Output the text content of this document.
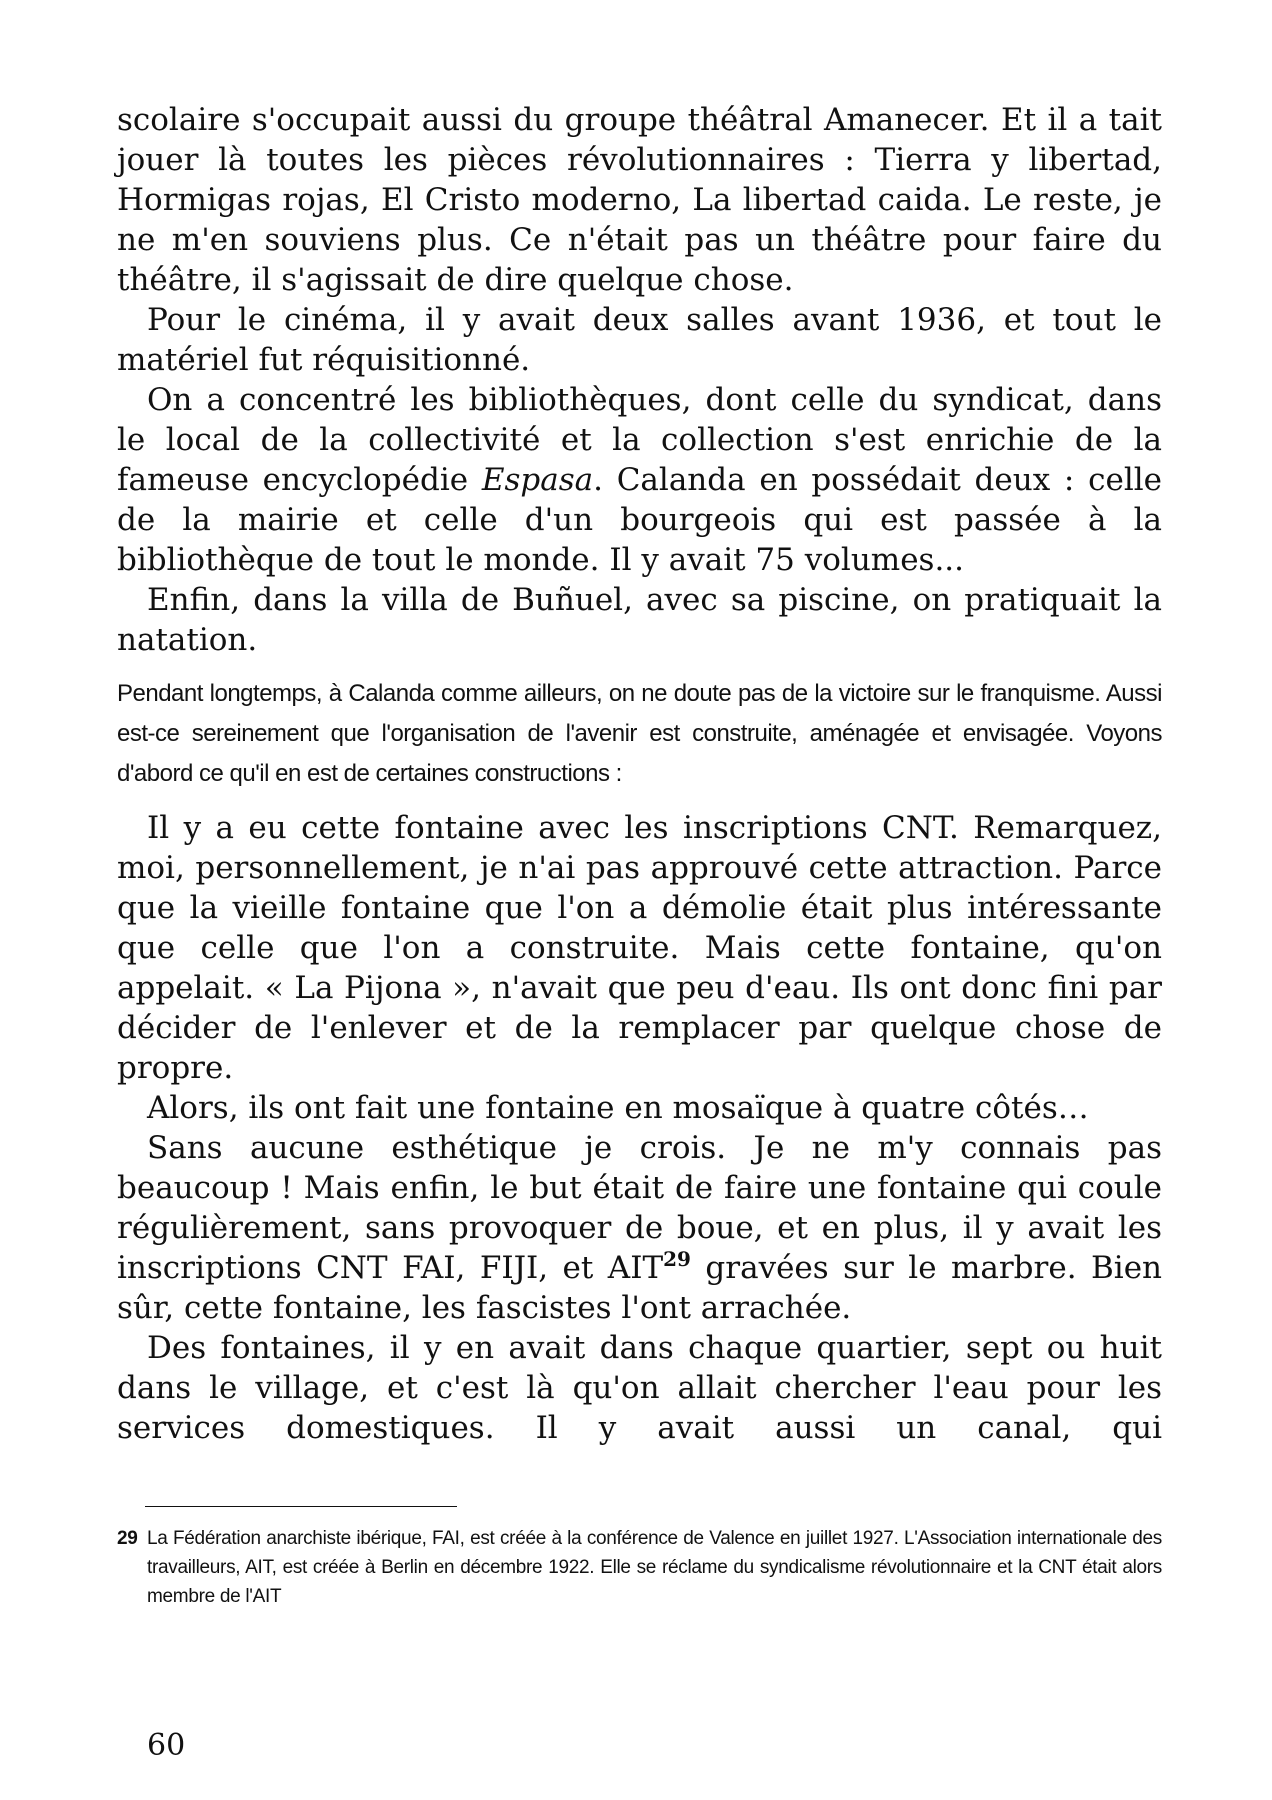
scolaire s'occupait aussi du groupe théâtral Amanecer. Et il a tait jouer là toutes les pièces révolutionnaires : Tierra y libertad, Hormigas rojas, El Cristo moderno, La libertad caida. Le reste, je ne m'en souviens plus. Ce n'était pas un théâtre pour faire du théâtre, il s'agissait de dire quelque chose.

Pour le cinéma, il y avait deux salles avant 1936, et tout le matériel fut réquisitionné.

On a concentré les bibliothèques, dont celle du syndicat, dans le local de la collectivité et la collection s'est enrichie de la fameuse encyclopédie Espasa. Calanda en possédait deux : celle de la mairie et celle d'un bourgeois qui est passée à la bibliothèque de tout le monde. Il y avait 75 volumes...

Enfin, dans la villa de Buñuel, avec sa piscine, on pratiquait la natation.

Pendant longtemps, à Calanda comme ailleurs, on ne doute pas de la victoire sur le franquisme. Aussi est-ce sereinement que l'organisation de l'avenir est construite, aménagée et envisagée. Voyons d'abord ce qu'il en est de certaines constructions :

Il y a eu cette fontaine avec les inscriptions CNT. Remarquez, moi, personnellement, je n'ai pas approuvé cette attraction. Parce que la vieille fontaine que l'on a démolie était plus intéressante que celle que l'on a construite. Mais cette fontaine, qu'on appelait. « La Pijona », n'avait que peu d'eau. Ils ont donc fini par décider de l'enlever et de la remplacer par quelque chose de propre.

Alors, ils ont fait une fontaine en mosaïque à quatre côtés…

Sans aucune esthétique je crois. Je ne m'y connais pas beaucoup ! Mais enfin, le but était de faire une fontaine qui coule régulièrement, sans provoquer de boue, et en plus, il y avait les inscriptions CNT FAI, FIJI, et AIT$^{29}$ gravées sur le marbre. Bien sûr, cette fontaine, les fascistes l'ont arrachée.

Des fontaines, il y en avait dans chaque quartier, sept ou huit dans le village, et c'est là qu'on allait chercher l'eau pour les services domestiques. Il y avait aussi un canal, qui

29 La Fédération anarchiste ibérique, FAI, est créée à la conférence de Valence en juillet 1927. L'Association internationale des travailleurs, AIT, est créée à Berlin en décembre 1922. Elle se réclame du syndicalisme révolutionnaire et la CNT était alors membre de l'AIT
60
